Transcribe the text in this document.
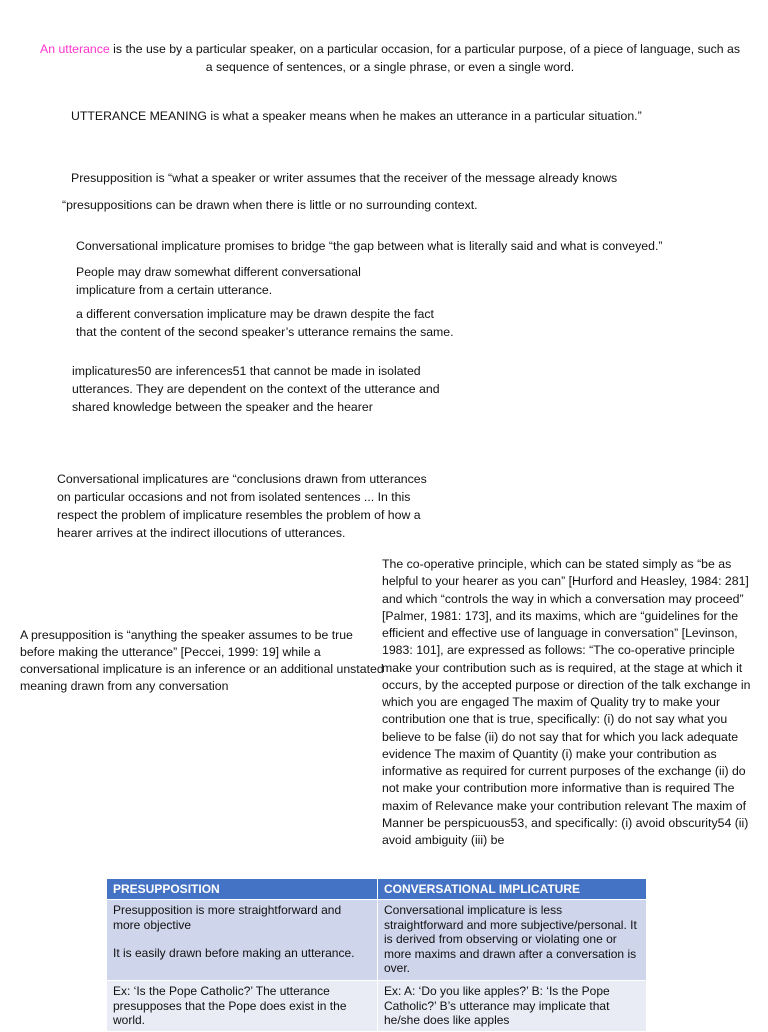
An utterance is the use by a particular speaker, on a particular occasion, for a particular purpose, of a piece of language, such as a sequence of sentences, or a single phrase, or even a single word.

UTTERANCE MEANING is what a speaker means when he makes an utterance in a particular situation.”

Presupposition is “what a speaker or writer assumes that the receiver of the message already knows

“presuppositions can be drawn when there is little or no surrounding context.

Conversational implicature promises to bridge “the gap between what is literally said and what is conveyed.”

People may draw somewhat different conversational implicature from a certain utterance.

a different conversation implicature may be drawn despite the fact that the content of the second speaker’s utterance remains the same.

implicatures50 are inferences51 that cannot be made in isolated utterances. They are dependent on the context of the utterance and shared knowledge between the speaker and the hearer

Conversational implicatures are “conclusions drawn from utterances on particular occasions and not from isolated sentences ... In this respect the problem of implicature resembles the problem of how a hearer arrives at the indirect illocutions of utterances.

The co-operative principle, which can be stated simply as “be as helpful to your hearer as you can” [Hurford and Heasley, 1984: 281] and which “controls the way in which a conversation may proceed” [Palmer, 1981: 173], and its maxims, which are “guidelines for the efficient and effective use of language in conversation” [Levinson, 1983: 101], are expressed as follows: “The co-operative principle make your contribution such as is required, at the stage at which it occurs, by the accepted purpose or direction of the talk exchange in which you are engaged The maxim of Quality try to make your contribution one that is true, specifically: (i) do not say what you believe to be false (ii) do not say that for which you lack adequate evidence The maxim of Quantity (i) make your contribution as informative as required for current purposes of the exchange (ii) do not make your contribution more informative than is required The maxim of Relevance make your contribution relevant The maxim of Manner be perspicuous53, and specifically: (i) avoid obscurity54 (ii) avoid ambiguity (iii) be

A presupposition is “anything the speaker assumes to be true before making the utterance” [Peccei, 1999: 19] while a conversational implicature is an inference or an additional unstated meaning drawn from any conversation

PRESUPPOSITION	CONVERSATIONAL IMPLICATURE

Presupposition is more straightforward and more objective

It is easily drawn before making an utterance.	Conversational implicature is less straightforward and more subjective/personal. It is derived from observing or violating one or more maxims and drawn after a conversation is over.
Ex: ‘Is the Pope Catholic?’ The utterance presupposes that the Pope does exist in the world.	Ex: A: ‘Do you like apples?’ B: ‘Is the Pope Catholic?’ B’s utterance may implicate that he/she does like apples
